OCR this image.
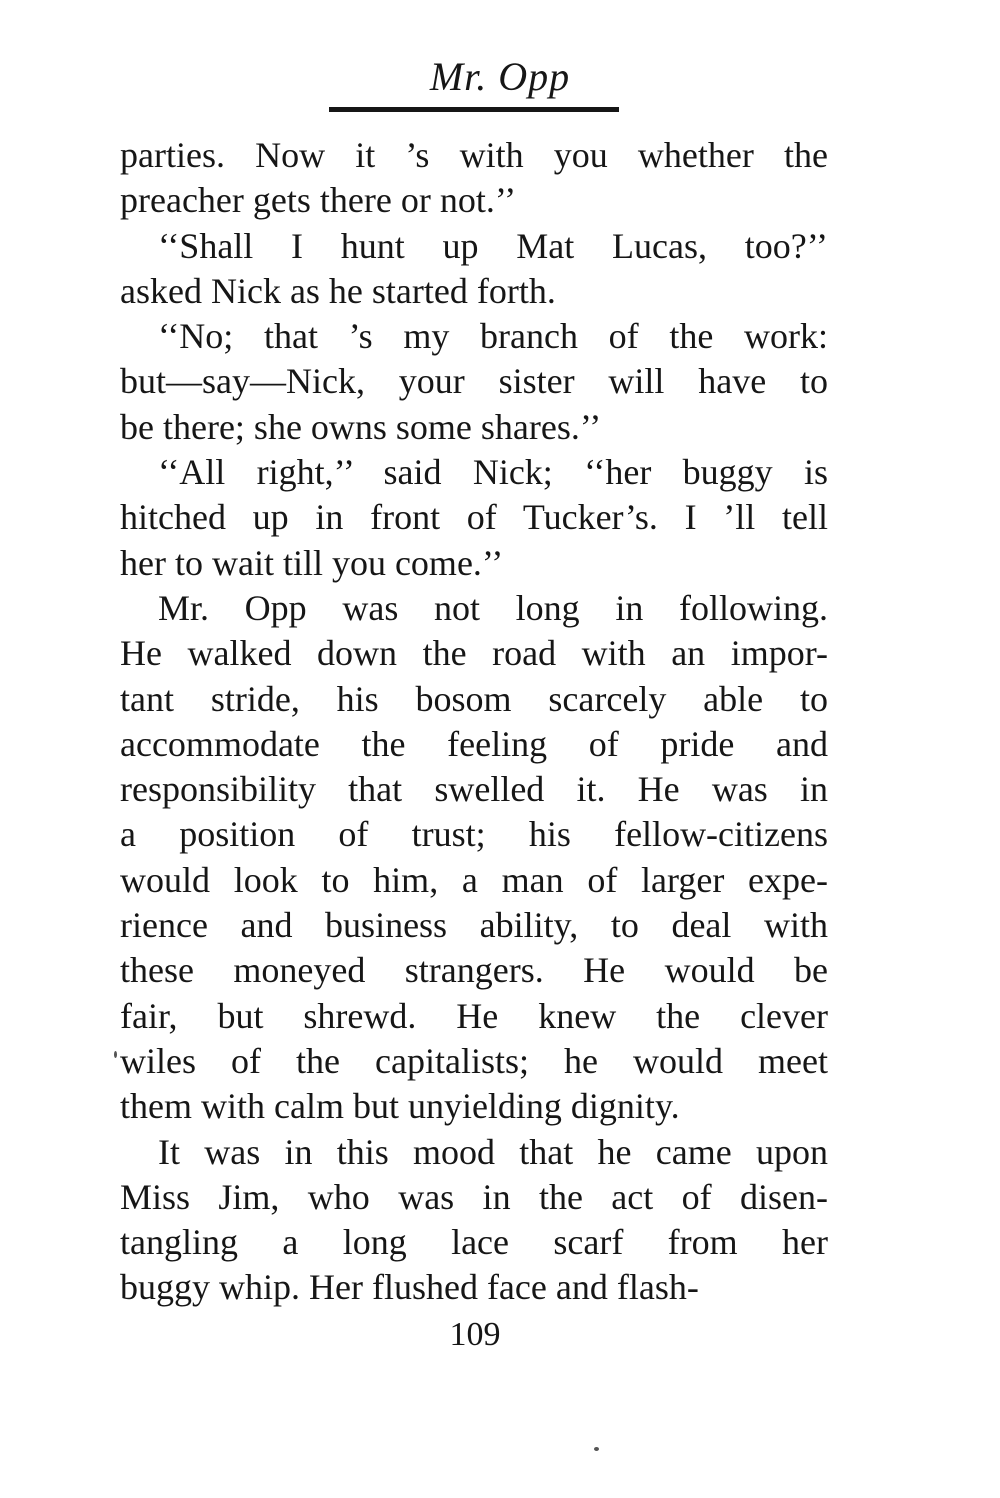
Mr. Opp
parties. Now it ’s with you whether the
preacher gets there or not.’’
‘‘Shall I hunt up Mat Lucas, too?’’
asked Nick as he started forth.
‘‘No; that ’s my branch of the work:
but—say—Nick, your sister will have to
be there; she owns some shares.’’
‘‘All right,’’ said Nick; ‘‘her buggy is
hitched up in front of Tucker’s. I ’ll tell
her to wait till you come.’’
Mr. Opp was not long in following.
He walked down the road with an impor-
tant stride, his bosom scarcely able to
accommodate the feeling of pride and
responsibility that swelled it. He was in
a position of trust; his fellow-citizens
would look to him, a man of larger expe-
rience and business ability, to deal with
these moneyed strangers. He would be
fair, but shrewd. He knew the clever
wiles of the capitalists; he would meet
them with calm but unyielding dignity.
It was in this mood that he came upon
Miss Jim, who was in the act of disen-
tangling a long lace scarf from her
buggy whip. Her flushed face and flash-
109
